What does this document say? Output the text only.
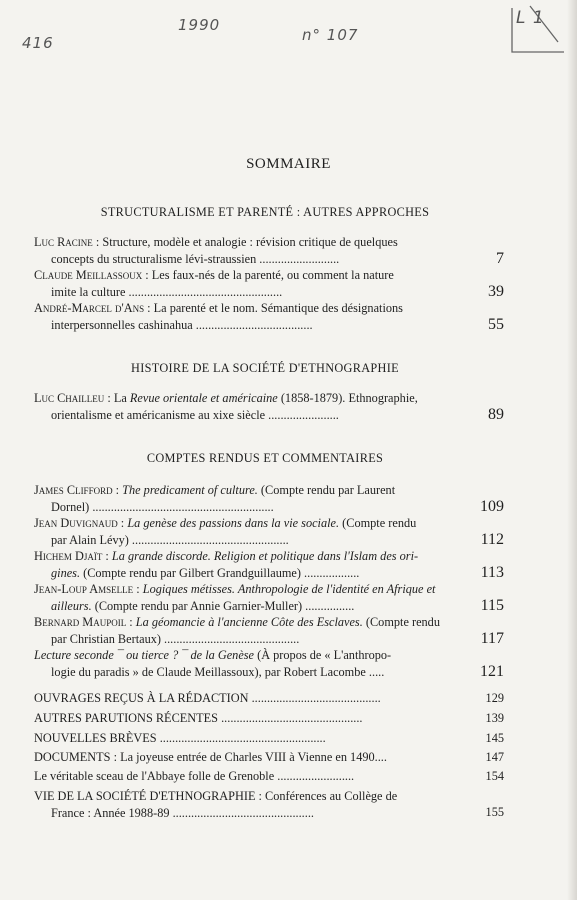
416
1990
n° 107
L 1
SOMMAIRE
STRUCTURALISME ET PARENTÉ : AUTRES APPROCHES
Luc Racine : Structure, modèle et analogie : révision critique de quelques
concepts du structuralisme lévi-straussien ..........................	7
Claude Meillassoux : Les faux-nés de la parenté, ou comment la nature
imite la culture ..................................................	39
André-Marcel d'Ans : La parenté et le nom. Sémantique des désignations
interpersonnelles cashinahua ......................................	55
HISTOIRE DE LA SOCIÉTÉ D'ETHNOGRAPHIE
Luc Chailleu : La Revue orientale et américaine (1858-1879). Ethnographie,
orientalisme et américanisme au xixe siècle .......................	89
COMPTES RENDUS ET COMMENTAIRES
James Clifford : The predicament of culture. (Compte rendu par Laurent
Dornel) ...........................................................	109
Jean Duvignaud : La genèse des passions dans la vie sociale. (Compte rendu
par Alain Lévy) ...................................................	112
Hichem Djaït : La grande discorde. Religion et politique dans l'Islam des ori-
gines. (Compte rendu par Gilbert Grandguillaume) ..................	113
Jean-Loup Amselle : Logiques métisses. Anthropologie de l'identité en Afrique et
ailleurs. (Compte rendu par Annie Garnier-Muller) ................	115
Bernard Maupoil : La géomancie à l'ancienne Côte des Esclaves. (Compte rendu
par Christian Bertaux) ............................................	117
Lecture seconde ¯ ou tierce ? ¯ de la Genèse (À propos de « L'anthropo-
logie du paradis » de Claude Meillassoux), par Robert Lacombe .....	121
OUVRAGES REÇUS À LA RÉDACTION ..........................................	129
AUTRES PARUTIONS RÉCENTES ..............................................	139
NOUVELLES BRÈVES ......................................................	145
DOCUMENTS : La joyeuse entrée de Charles VIII à Vienne en 1490....	147
Le véritable sceau de l'Abbaye folle de Grenoble .........................	154
VIE DE LA SOCIÉTÉ D'ETHNOGRAPHIE : Conférences au Collège de
France : Année 1988-89 ..............................................	155
